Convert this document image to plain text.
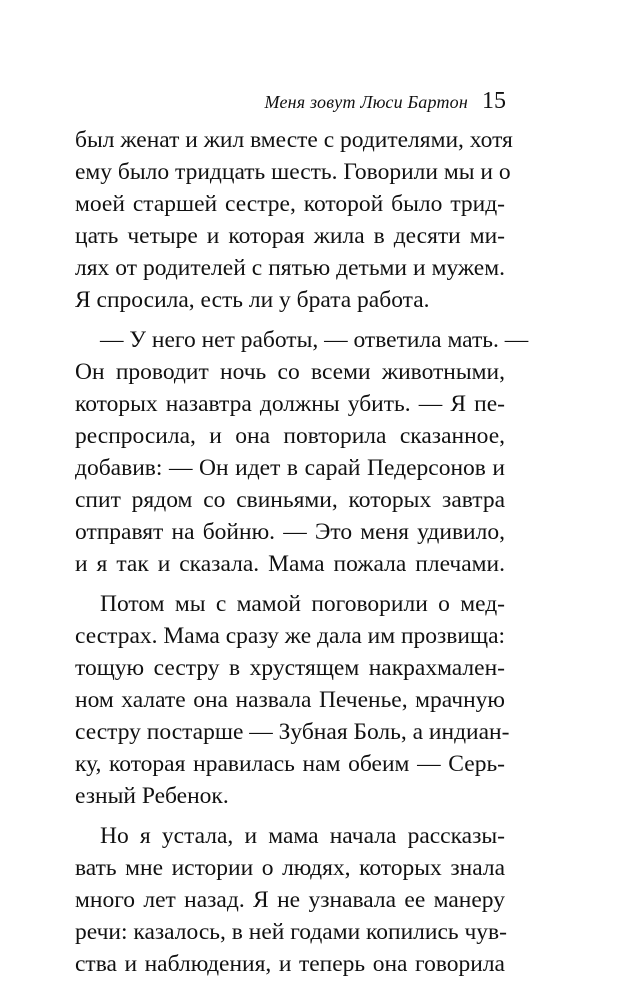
Меня зовут Люси Бартон 15
был женат и жил вместе с родителями, хотя
ему было тридцать шесть. Говорили мы и о
моей старшей сестре, которой было трид-
цать четыре и которая жила в десяти ми-
лях от родителей с пятью детьми и мужем.
Я спросила, есть ли у брата работа.
— У него нет работы, — ответила мать. —
Он проводит ночь со всеми животными,
которых назавтра должны убить. — Я пе-
респросила, и она повторила сказанное,
добавив: — Он идет в сарай Педерсонов и
спит рядом со свиньями, которых завтра
отправят на бойню. — Это меня удивило,
и я так и сказала. Мама пожала плечами.
Потом мы с мамой поговорили о мед-
сестрах. Мама сразу же дала им прозвища:
тощую сестру в хрустящем накрахмален-
ном халате она назвала Печенье, мрачную
сестру постарше — Зубная Боль, а индиан-
ку, которая нравилась нам обеим — Серь-
езный Ребенок.
Но я устала, и мама начала рассказы-
вать мне истории о людях, которых знала
много лет назад. Я не узнавала ее манеру
речи: казалось, в ней годами копились чув-
ства и наблюдения, и теперь она говорила
